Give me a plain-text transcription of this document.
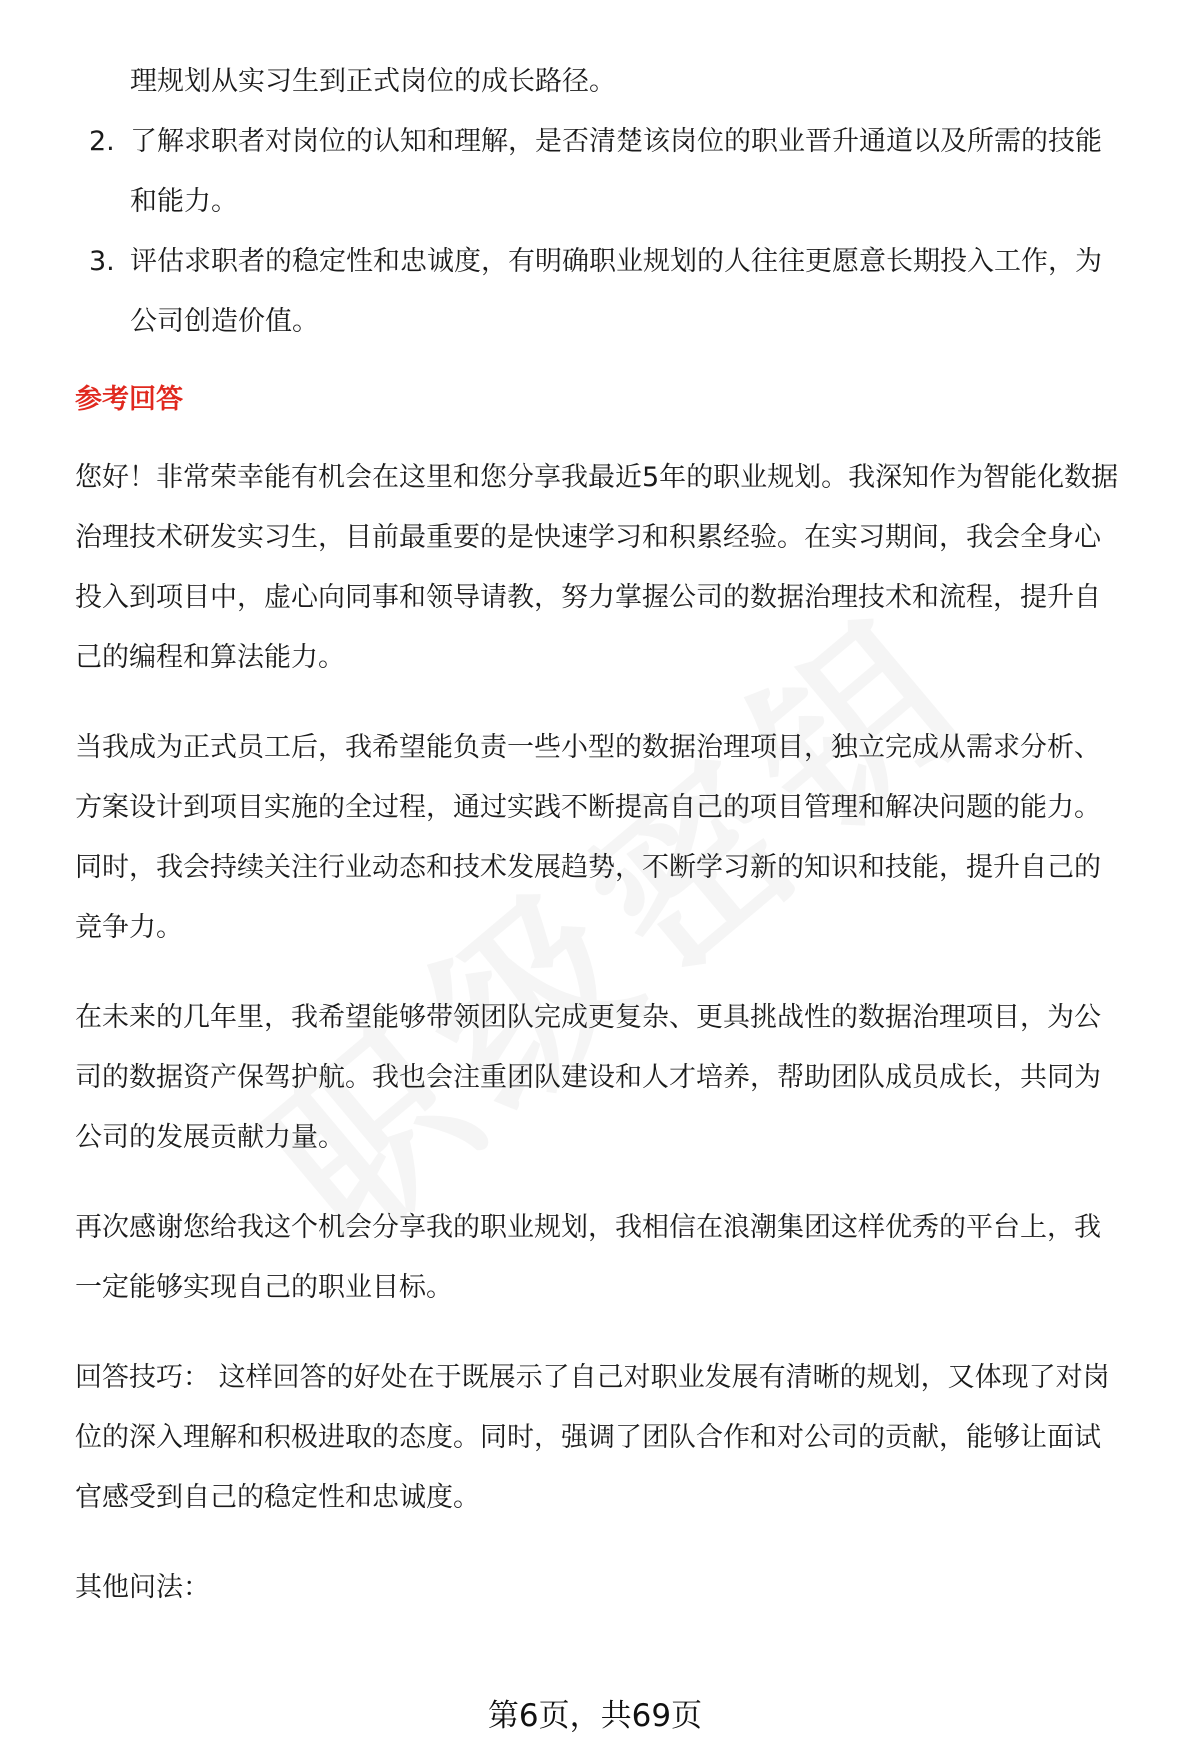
理规划从实习生到正式岗位的成长路径。

2. 了解求职者对岗位的认知和理解，是否清楚该岗位的职业晋升通道以及所需的技能和能力。
3. 评估求职者的稳定性和忠诚度，有明确职业规划的人往往更愿意长期投入工作，为公司创造价值。
参考回答

您好！非常荣幸能有机会在这里和您分享我最近5年的职业规划。我深知作为智能化数据治理技术研发实习生，目前最重要的是快速学习和积累经验。在实习期间，我会全身心投入到项目中，虚心向同事和领导请教，努力掌握公司的数据治理技术和流程，提升自己的编程和算法能力。

当我成为正式员工后，我希望能负责一些小型的数据治理项目，独立完成从需求分析、方案设计到项目实施的全过程，通过实践不断提高自己的项目管理和解决问题的能力。同时，我会持续关注行业动态和技术发展趋势，不断学习新的知识和技能，提升自己的竞争力。

在未来的几年里，我希望能够带领团队完成更复杂、更具挑战性的数据治理项目，为公司的数据资产保驾护航。我也会注重团队建设和人才培养，帮助团队成员成长，共同为公司的发展贡献力量。

再次感谢您给我这个机会分享我的职业规划，我相信在浪潮集团这样优秀的平台上，我一定能够实现自己的职业目标。

回答技巧： 这样回答的好处在于既展示了自己对职业发展有清晰的规划，又体现了对岗位的深入理解和积极进取的态度。同时，强调了团队合作和对公司的贡献，能够让面试官感受到自己的稳定性和忠诚度。

其他问法：

第6页，共69页
